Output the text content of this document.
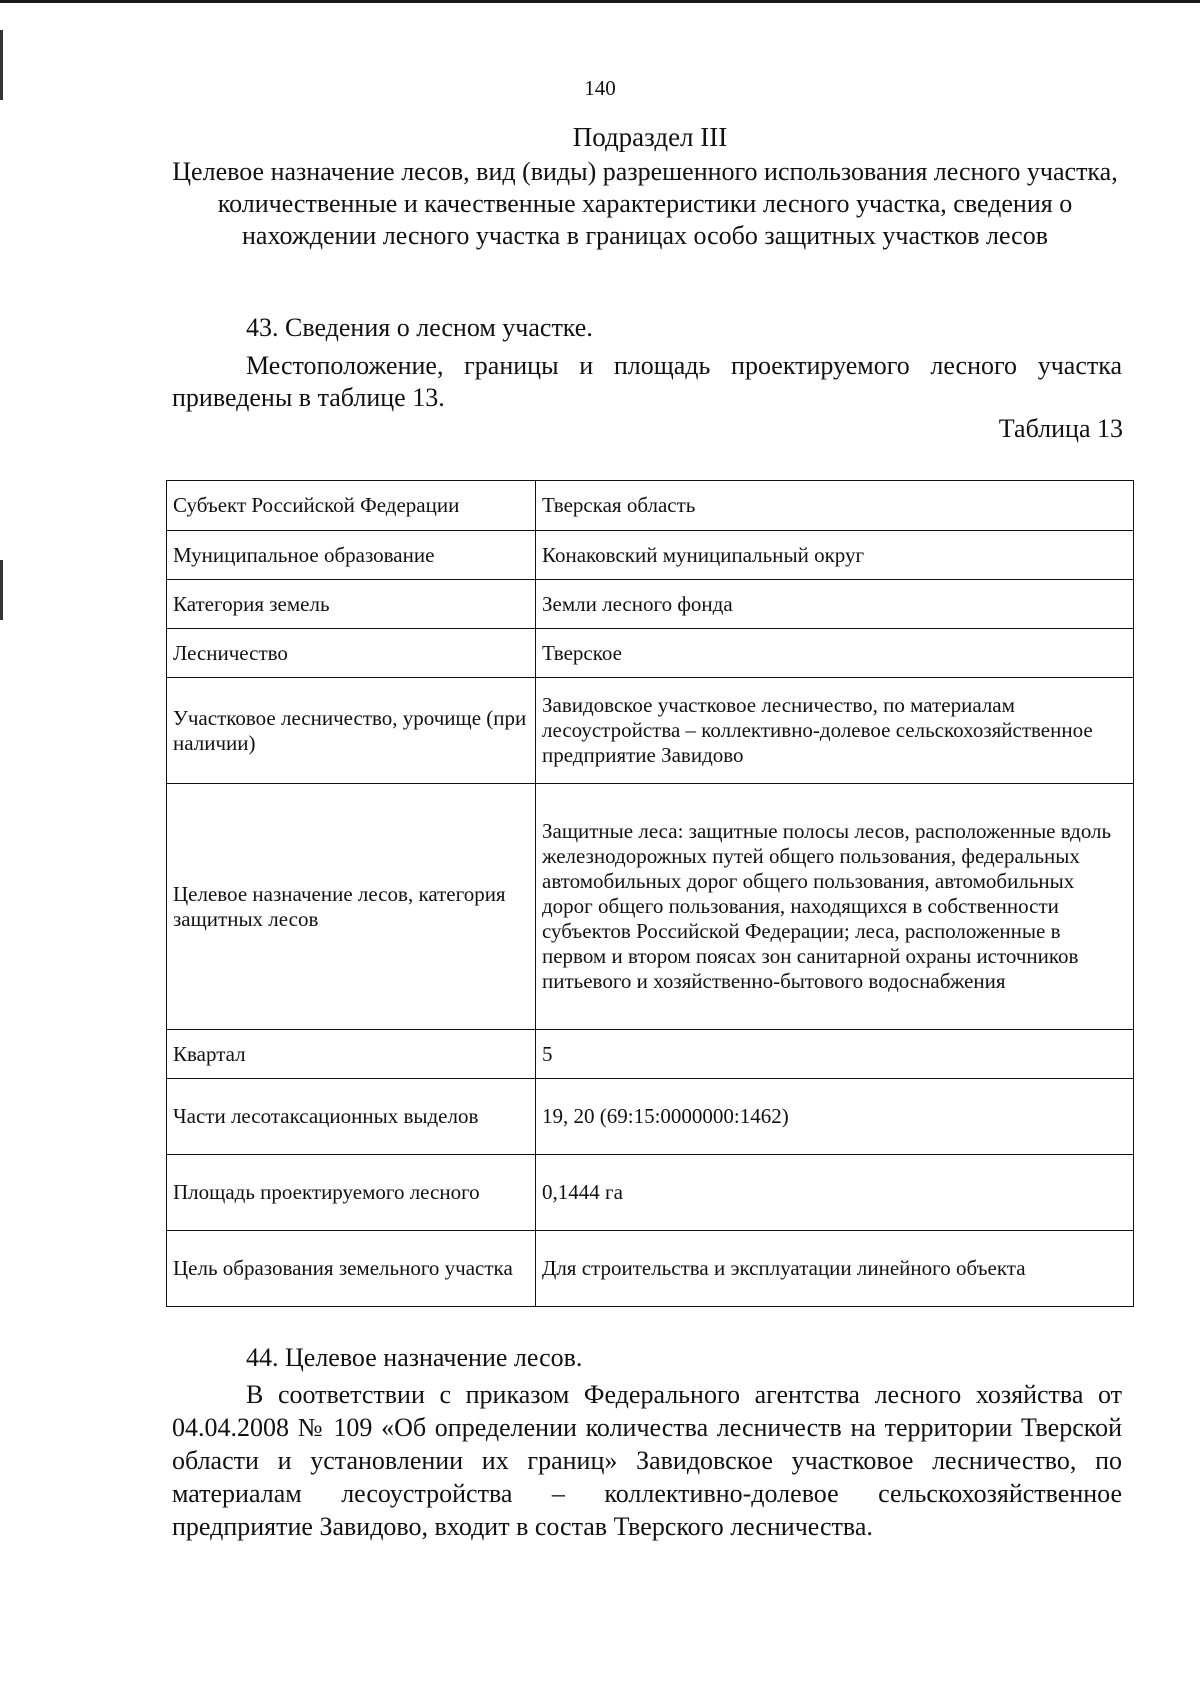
140
Подраздел III
Целевое назначение лесов, вид (виды) разрешенного использования лесного участка, количественные и качественные характеристики лесного участка, сведения о нахождении лесного участка в границах особо защитных участков лесов
43. Сведения о лесном участке.
Местоположение, границы и площадь проектируемого лесного участка приведены в таблице 13.
Таблица 13
Субъект Российской Федерации	Тверская область
Муниципальное образование	Конаковский муниципальный округ
Категория земель	Земли лесного фонда
Лесничество	Тверское
Участковое лесничество, урочище (при наличии)	Завидовское участковое лесничество, по материалам лесоустройства – коллективно-долевое сельскохозяйственное предприятие Завидово
Целевое назначение лесов, категория защитных лесов	Защитные леса: защитные полосы лесов, расположенные вдоль железнодорожных путей общего пользования, федеральных автомобильных дорог общего пользования, автомобильных дорог общего пользования, находящихся в собственности субъектов Российской Федерации; леса, расположенные в первом и втором поясах зон санитарной охраны источников питьевого и хозяйственно-бытового водоснабжения
Квартал	5
Части лесотаксационных выделов	19, 20 (69:15:0000000:1462)
Площадь проектируемого лесного	0,1444 га
Цель образования земельного участка	Для строительства и эксплуатации линейного объекта
44. Целевое назначение лесов.
В соответствии с приказом Федерального агентства лесного хозяйства от 04.04.2008 № 109 «Об определении количества лесничеств на территории Тверской области и установлении их границ» Завидовское участковое лесничество, по материалам лесоустройства – коллективно-долевое сельскохозяйственное предприятие Завидово, входит в состав Тверского лесничества.
